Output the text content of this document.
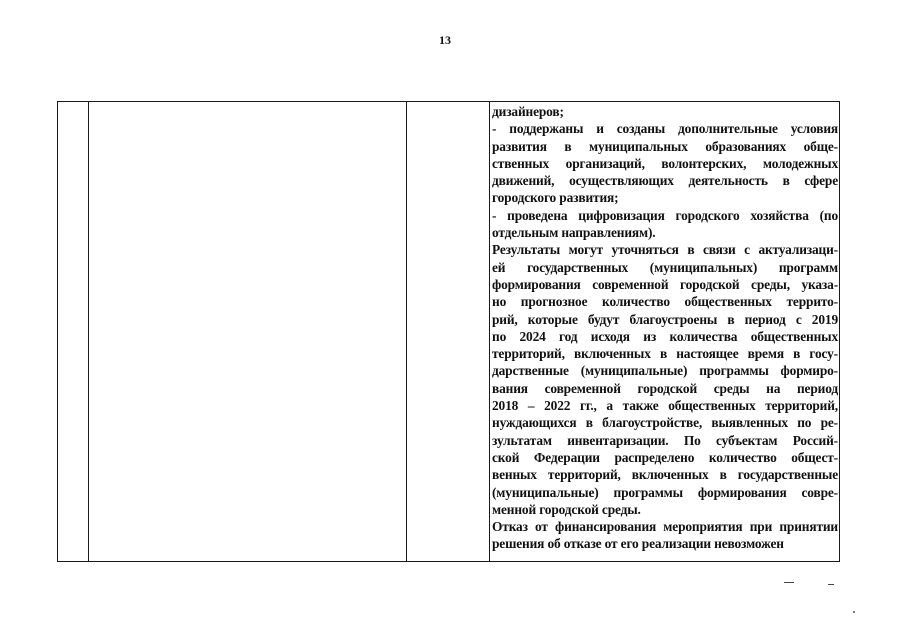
13
дизайнеров;
- поддержаны и созданы дополнительные условия
развития в муниципальных образованиях обще-
ственных организаций, волонтерских, молодежных
движений, осуществляющих деятельность в сфере
городского развития;
- проведена цифровизация городского хозяйства (по
отдельным направлениям).
Результаты могут уточняться в связи с актуализаци-
ей государственных (муниципальных) программ
формирования современной городской среды, указа-
но прогнозное количество общественных террито-
рий, которые будут благоустроены в период с 2019
по 2024 год исходя из количества общественных
территорий, включенных в настоящее время в госу-
дарственные (муниципальные) программы формиро-
вания современной городской среды на период
2018 – 2022 гг., а также общественных территорий,
нуждающихся в благоустройстве, выявленных по ре-
зультатам инвентаризации. По субъектам Россий-
ской Федерации распределено количество общест-
венных территорий, включенных в государственные
(муниципальные) программы формирования совре-
менной городской среды.
Отказ от финансирования мероприятия при принятии
решения об отказе от его реализации невозможен
